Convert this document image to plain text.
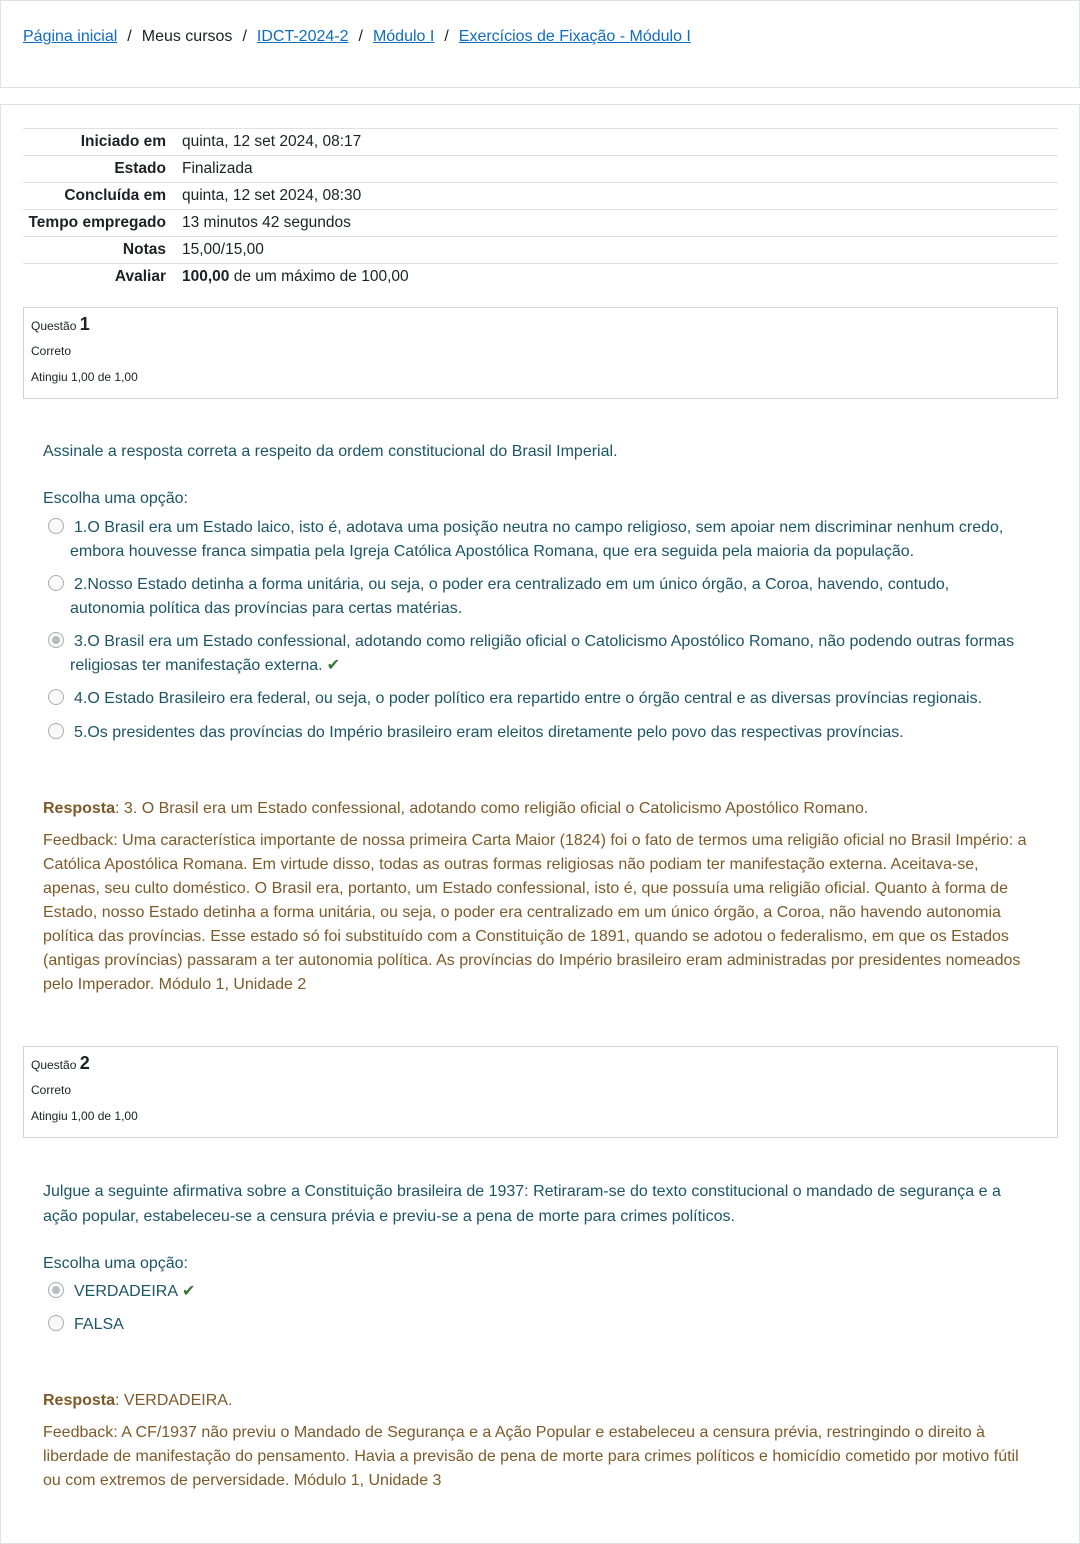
Página inicial / Meus cursos / IDCT-2024-2 / Módulo I / Exercícios de Fixação - Módulo I
Iniciado em	quinta, 12 set 2024, 08:17
Estado	Finalizada
Concluída em	quinta, 12 set 2024, 08:30
Tempo empregado	13 minutos 42 segundos
Notas	15,00/15,00
Avaliar	100,00 de um máximo de 100,00
Questão 1
Correto
Atingiu 1,00 de 1,00
Assinale a resposta correta a respeito da ordem constitucional do Brasil Imperial.
Escolha uma opção:
1.O Brasil era um Estado laico, isto é, adotava uma posição neutra no campo religioso, sem apoiar nem discriminar nenhum credo, embora houvesse franca simpatia pela Igreja Católica Apostólica Romana, que era seguida pela maioria da população.
2.Nosso Estado detinha a forma unitária, ou seja, o poder era centralizado em um único órgão, a Coroa, havendo, contudo, autonomia política das províncias para certas matérias.
3.O Brasil era um Estado confessional, adotando como religião oficial o Catolicismo Apostólico Romano, não podendo outras formas religiosas ter manifestação externa. ✔
4.O Estado Brasileiro era federal, ou seja, o poder político era repartido entre o órgão central e as diversas províncias regionais.
5.Os presidentes das províncias do Império brasileiro eram eleitos diretamente pelo povo das respectivas províncias.
Resposta: 3. O Brasil era um Estado confessional, adotando como religião oficial o Catolicismo Apostólico Romano.
Feedback: Uma característica importante de nossa primeira Carta Maior (1824) foi o fato de termos uma religião oficial no Brasil Império: a Católica Apostólica Romana. Em virtude disso, todas as outras formas religiosas não podiam ter manifestação externa. Aceitava-se, apenas, seu culto doméstico. O Brasil era, portanto, um Estado confessional, isto é, que possuía uma religião oficial. Quanto à forma de Estado, nosso Estado detinha a forma unitária, ou seja, o poder era centralizado em um único órgão, a Coroa, não havendo autonomia política das províncias. Esse estado só foi substituído com a Constituição de 1891, quando se adotou o federalismo, em que os Estados (antigas províncias) passaram a ter autonomia política. As províncias do Império brasileiro eram administradas por presidentes nomeados pelo Imperador. Módulo 1, Unidade 2
Questão 2
Correto
Atingiu 1,00 de 1,00
Julgue a seguinte afirmativa sobre a Constituição brasileira de 1937: Retiraram-se do texto constitucional o mandado de segurança e a ação popular, estabeleceu-se a censura prévia e previu-se a pena de morte para crimes políticos.
Escolha uma opção:
VERDADEIRA ✔
FALSA
Resposta: VERDADEIRA.
Feedback: A CF/1937 não previu o Mandado de Segurança e a Ação Popular e estabeleceu a censura prévia, restringindo o direito à liberdade de manifestação do pensamento. Havia a previsão de pena de morte para crimes políticos e homicídio cometido por motivo fútil ou com extremos de perversidade. Módulo 1, Unidade 3
